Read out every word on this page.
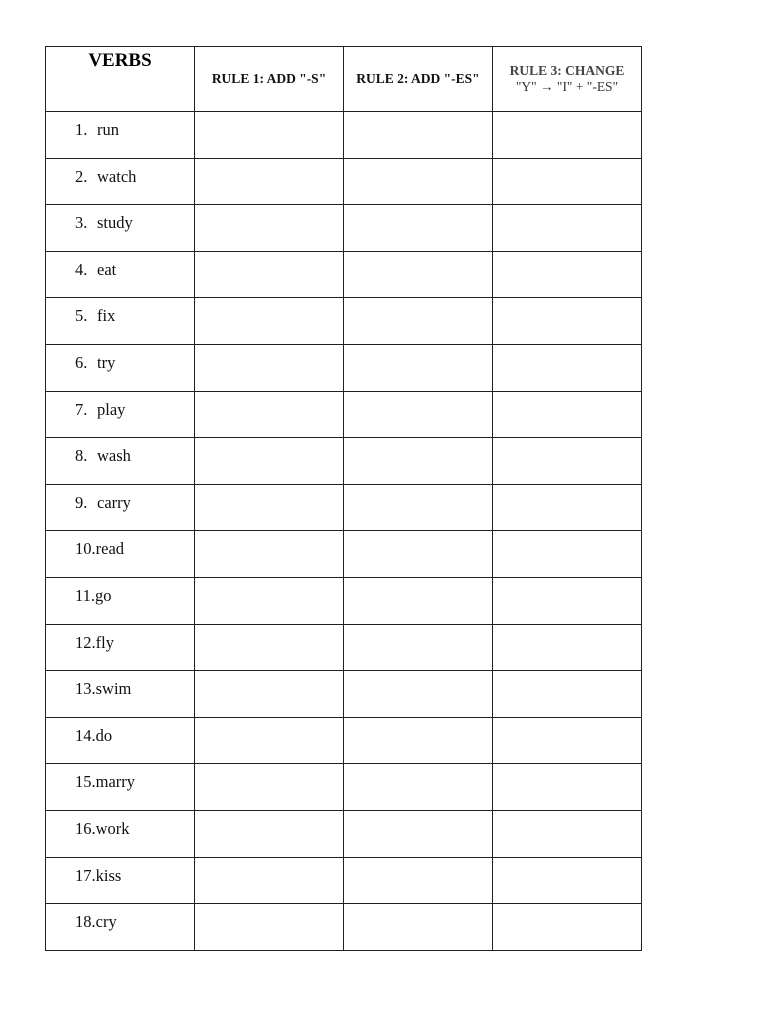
VERBS	RULE 1: ADD "-S"	RULE 2: ADD "-ES"	RULE 3: CHANGE
"Y" → "I" + "-ES"

1. run			
2. watch			
3. study			
4. eat			
5. fix			
6. try			
7. play			
8. wash			
9. carry			
10.read			
11.go			
12.fly			
13.swim			
14.do			
15.marry			
16.work			
17.kiss			
18.cry			
